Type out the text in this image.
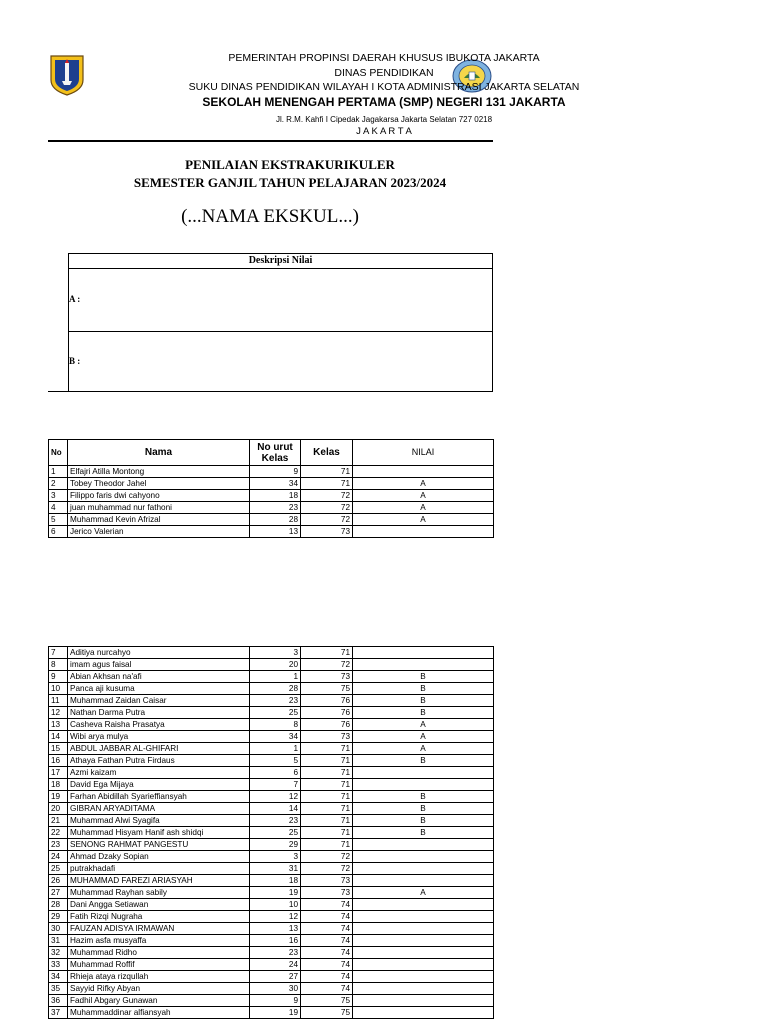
PEMERINTAH PROPINSI DAERAH KHUSUS IBUKOTA JAKARTA
DINAS PENDIDIKAN
SUKU DINAS PENDIDIKAN WILAYAH I KOTA ADMINISTRASI JAKARTA SELATAN
SEKOLAH MENENGAH PERTAMA (SMP) NEGERI 131 JAKARTA
Jl. R.M. Kahfi I Cipedak Jagakarsa Jakarta Selatan 727 0218
J A K A R T A
PENILAIAN EKSTRAKURIKULER
SEMESTER GANJIL TAHUN PELAJARAN 2023/2024
(...NAMA EKSKUL...)
Deskripsi Nilai
A :
B :
No	Nama	No urut Kelas	Kelas	NILAI
1	Elfajri Atilla Montong	9	71	
2	Tobey Theodor Jahel	34	71	A
3	Filippo faris dwi cahyono	18	72	A
4	juan muhammad nur fathoni	23	72	A
5	Muhammad Kevin Afrizal	28	72	A
6	Jerico Valerian	13	73	
7	Aditiya nurcahyo	3	71	
8	imam agus faisal	20	72	
9	Abian Akhsan na'afi	1	73	B
10	Panca aji kusuma	28	75	B
11	Muhammad Zaidan Caisar	23	76	B
12	Nathan Darma Putra	25	76	B
13	Casheva Raisha Prasatya	8	76	A
14	Wibi arya mulya	34	73	A
15	ABDUL JABBAR AL-GHIFARI	1	71	A
16	Athaya Fathan Putra Firdaus	5	71	B
17	Azmi kaizam	6	71	
18	David Ega Mijaya	7	71	
19	Farhan Abidillah Syarieffiansyah	12	71	B
20	GIBRAN ARYADITAMA	14	71	B
21	Muhammad Alwi Syagifa	23	71	B
22	Muhammad Hisyam Hanif ash shidqi	25	71	B
23	SENONG RAHMAT PANGESTU	29	71	
24	Ahmad Dzaky Sopian	3	72	
25	putrakhadafi	31	72	
26	MUHAMMAD FAREZI ARIASYAH	18	73	
27	Muhammad Rayhan sabily	19	73	A
28	Dani Angga Setiawan	10	74	
29	Fatih Rizqi Nugraha	12	74	
30	FAUZAN ADISYA IRMAWAN	13	74	
31	Hazim asfa musyaffa	16	74	
32	Muhammad Ridho	23	74	
33	Muhammad Roffif	24	74	
34	Rhieja ataya rizqullah	27	74	
35	Sayyid Rifky Abyan	30	74	
36	Fadhil Abgary Gunawan	9	75	
37	Muhammaddinar alfiansyah	19	75	
